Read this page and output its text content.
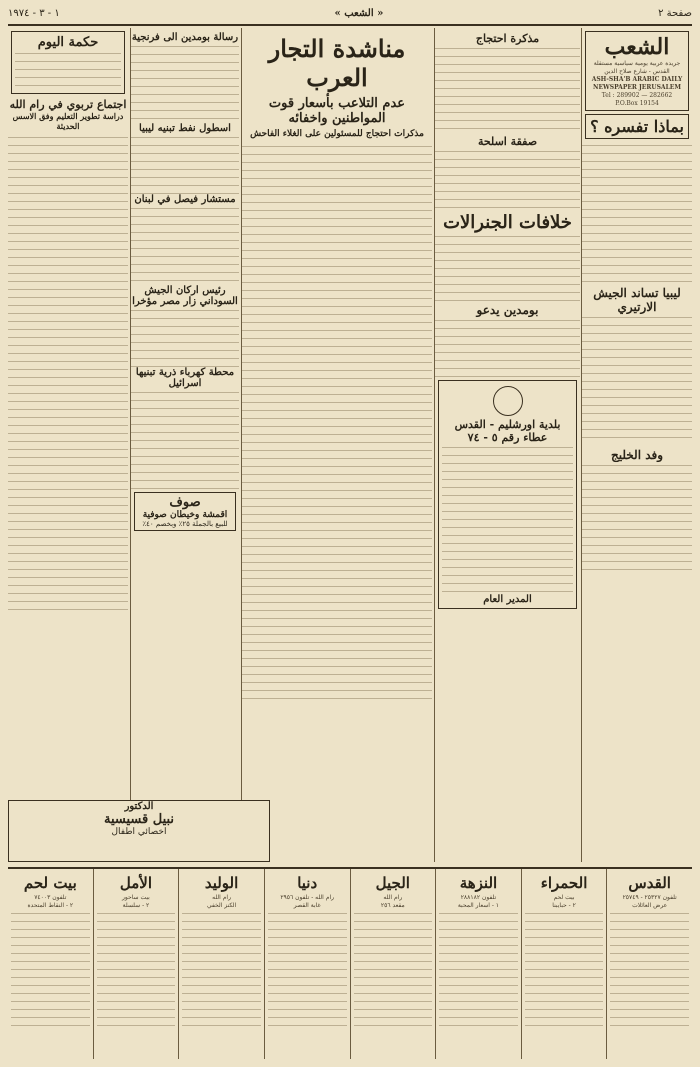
صفحة ٢
« الشعب »
١ - ٣ - ١٩٧٤
الشعب
جريدة عربية يومية سياسية مستقلة
القدس - شارع صلاح الدين
ASH-SHA'B ARABIC DAILY NEWSPAPER JERUSALEM
Tel : 289902 — 282662
P.O.Box 19154
بماذا تفسره ؟
ليبيا تساند الجيش الارتيري
وفد الخليج
مذكرة احتجاج
صفقة اسلحة
خلافات الجنرالات
بومدين يدعو
بلدية اورشليم - القدس
عطاء رقم ٥ - ٧٤
المدير العام
مناشدة التجار العرب
عدم التلاعب بأسعار قوت المواطنين واخفائه
مذكرات احتجاج للمسئولين على الغلاء الفاحش
رسالة بومدين الى فرنجية
اسطول نفط تبنيه ليبيا
مستشار فيصل في لبنان
رئيس اركان الجيش السوداني زار مصر مؤخرا
محطة كهرباء ذرية تبنيها اسرائيل
صوف
اقمشة وخيطان صوفية
للبيع بالجملة ٢٥٪ وبخصم ٤٠٪
حكمة اليوم
اجتماع تربوي في رام الله
دراسة تطوير التعليم وفق الاسس الحديثة
الدكتور
نبيل قسيسية
اخصائي اطفال
القدس
تلفون ٢٥٣٢٧ - ٢٥٧٤٩
عرض العائلات
الحمراء
بيت لحم
٢ - حبايبنا
النزهة
تلفون ٢٨٨١٨٢
١ - اسعار المحبة
الجيل
رام الله
مقعد ٢٥٦
دنيا
رام الله - تلفون ٢٩٥٦
غابة القصر
الوليد
رام الله
الكنز الخفي
الأمل
بيت ساحور
٢ - سلسلة
بيت لحم
تلفون ٧٤٠٠٣
٢ - النقاط المتحدة
